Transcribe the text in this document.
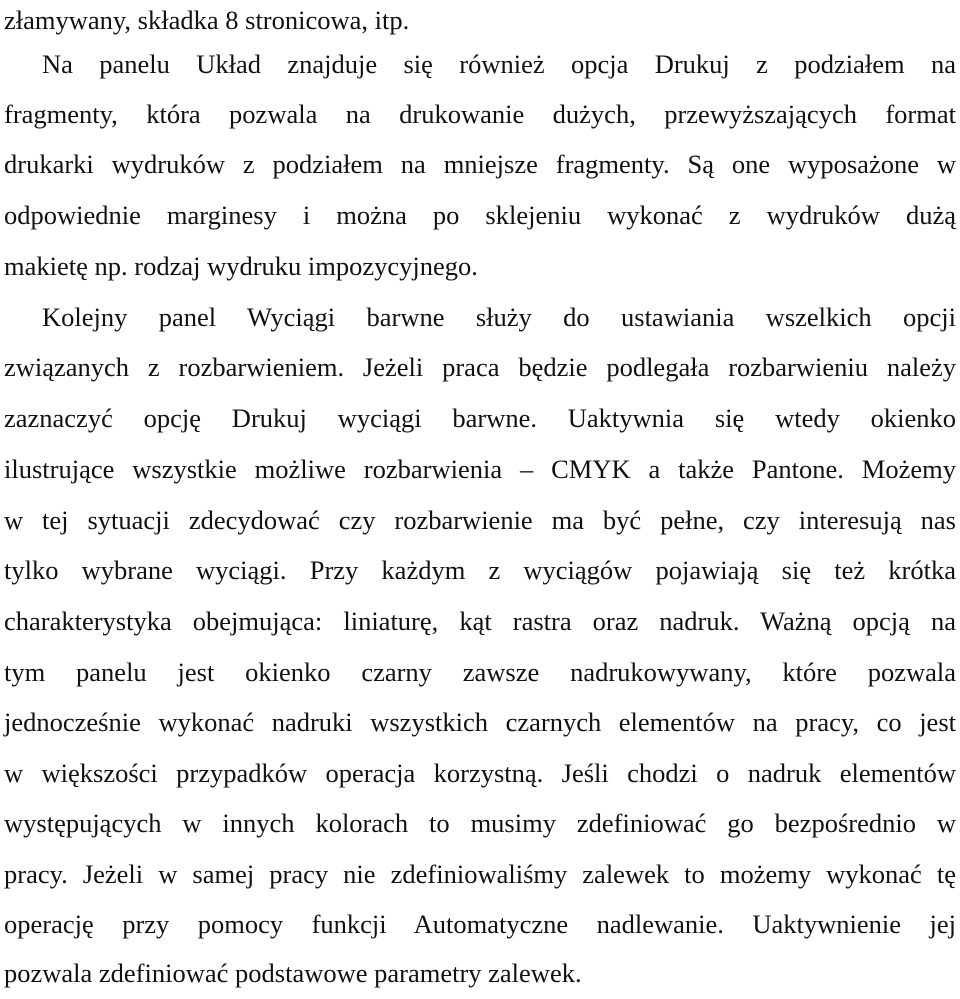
złamywany, składka 8 stronicowa, itp.
Na panelu Układ znajduje się również opcja Drukuj z podziałem na
fragmenty, która pozwala na drukowanie dużych, przewyższających format
drukarki wydruków z podziałem na mniejsze fragmenty. Są one wyposażone w
odpowiednie marginesy i można po sklejeniu wykonać z wydruków dużą
makietę np. rodzaj wydruku impozycyjnego.
Kolejny panel Wyciągi barwne służy do ustawiania wszelkich opcji
związanych z rozbarwieniem. Jeżeli praca będzie podlegała rozbarwieniu należy
zaznaczyć opcję Drukuj wyciągi barwne. Uaktywnia się wtedy okienko
ilustrujące wszystkie możliwe rozbarwienia – CMYK a także Pantone. Możemy
w tej sytuacji zdecydować czy rozbarwienie ma być pełne, czy interesują nas
tylko wybrane wyciągi. Przy każdym z wyciągów pojawiają się też krótka
charakterystyka obejmująca: liniaturę, kąt rastra oraz nadruk. Ważną opcją na
tym panelu jest okienko czarny zawsze nadrukowywany, które pozwala
jednocześnie wykonać nadruki wszystkich czarnych elementów na pracy, co jest
w większości przypadków operacja korzystną. Jeśli chodzi o nadruk elementów
występujących w innych kolorach to musimy zdefiniować go bezpośrednio w
pracy. Jeżeli w samej pracy nie zdefiniowaliśmy zalewek to możemy wykonać tę
operację przy pomocy funkcji Automatyczne nadlewanie. Uaktywnienie jej
pozwala zdefiniować podstawowe parametry zalewek.
